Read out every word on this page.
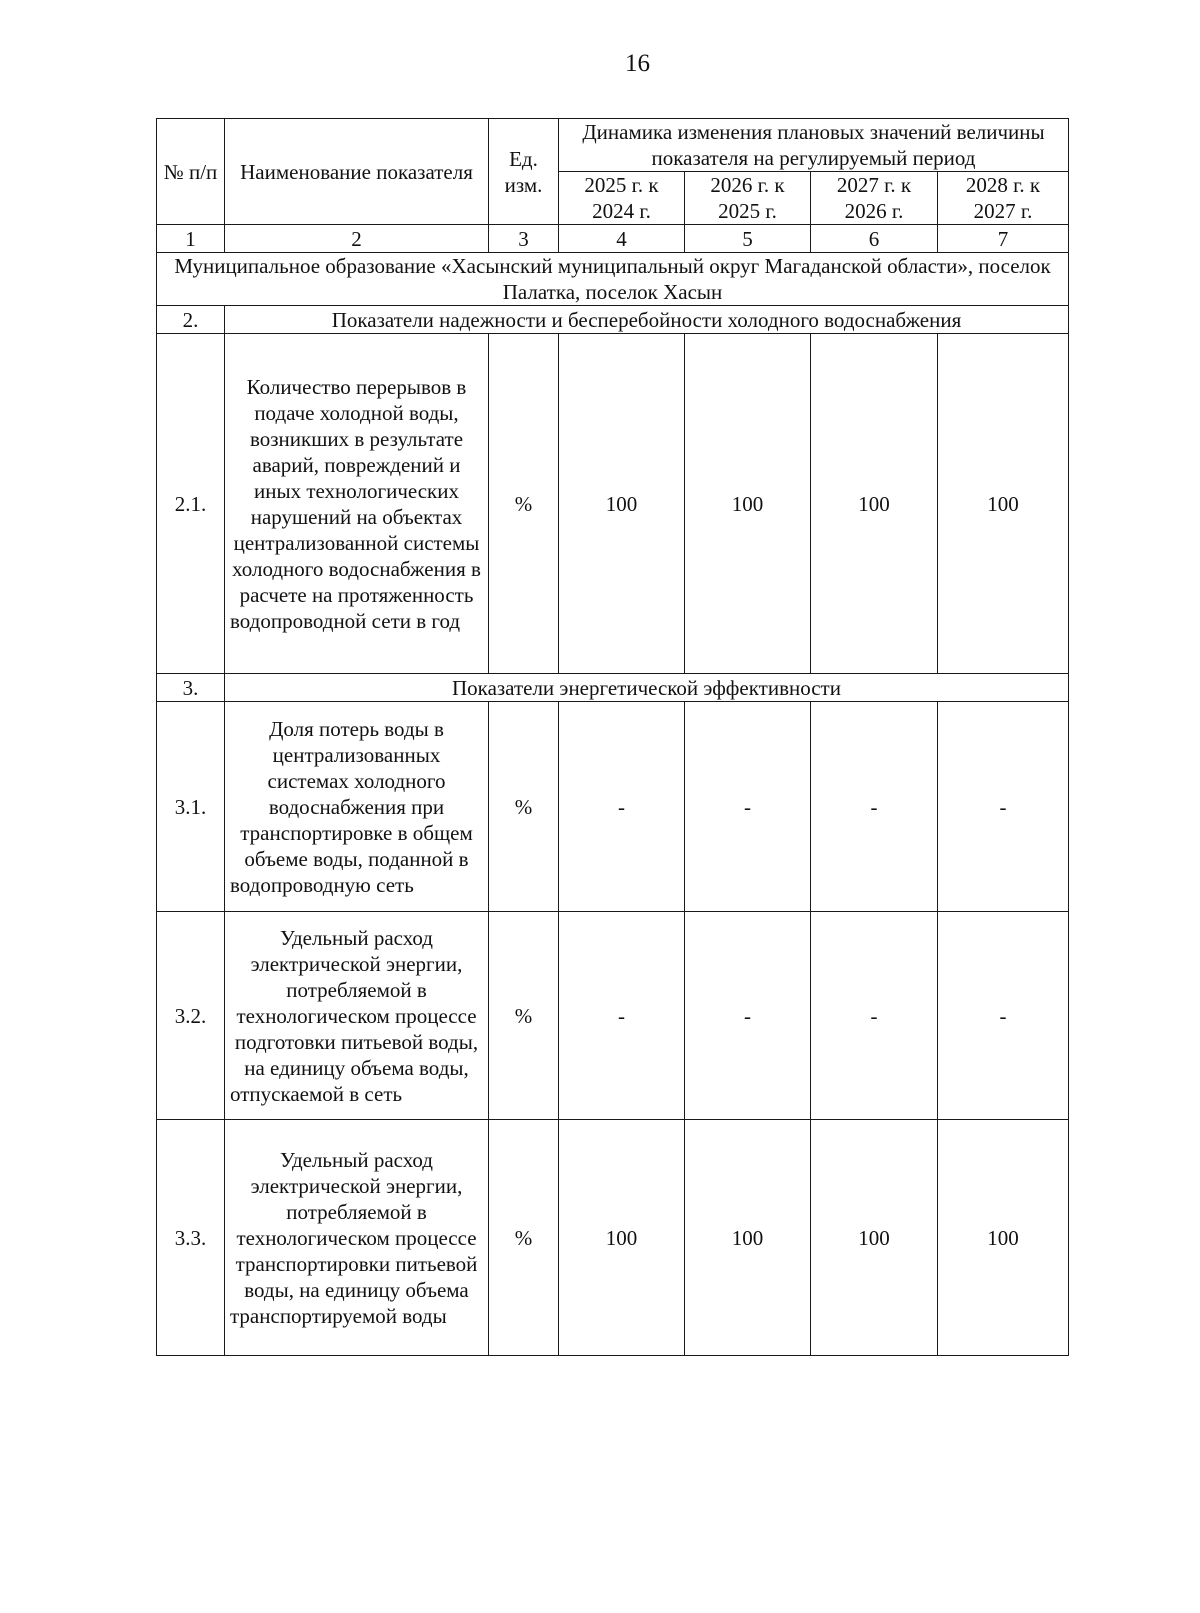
16
№ п/п	Наименование показателя	Ед. изм.	Динамика изменения плановых значений величины показателя на регулируемый период			
			2025 г. к 2024 г.	2026 г. к 2025 г.	2027 г. к 2026 г.	2028 г. к 2027 г.
1	2	3	4	5	6	7
Муниципальное образование «Хасынский муниципальный округ Магаданской области», поселок Палатка, поселок Хасын						
2.	Показатели надежности и бесперебойности холодного водоснабжения					
2.1.	Количество перерывов в подаче холодной воды, возникших в результате аварий, повреждений и иных технологических нарушений на объектах централизованной системы холодного водоснабжения в расчете на протяженность водопроводной сети в год	%	100	100	100	100
3.	Показатели энергетической эффективности					
3.1.	Доля потерь воды в централизованных системах холодного водоснабжения при транспортировке в общем объеме воды, поданной в водопроводную сеть	%	-	-	-	-
3.2.	Удельный расход электрической энергии, потребляемой в технологическом процессе подготовки питьевой воды, на единицу объема воды, отпускаемой в сеть	%	-	-	-	-
3.3.	Удельный расход электрической энергии, потребляемой в технологическом процессе транспортировки питьевой воды, на единицу объема транспортируемой воды	%	100	100	100	100
